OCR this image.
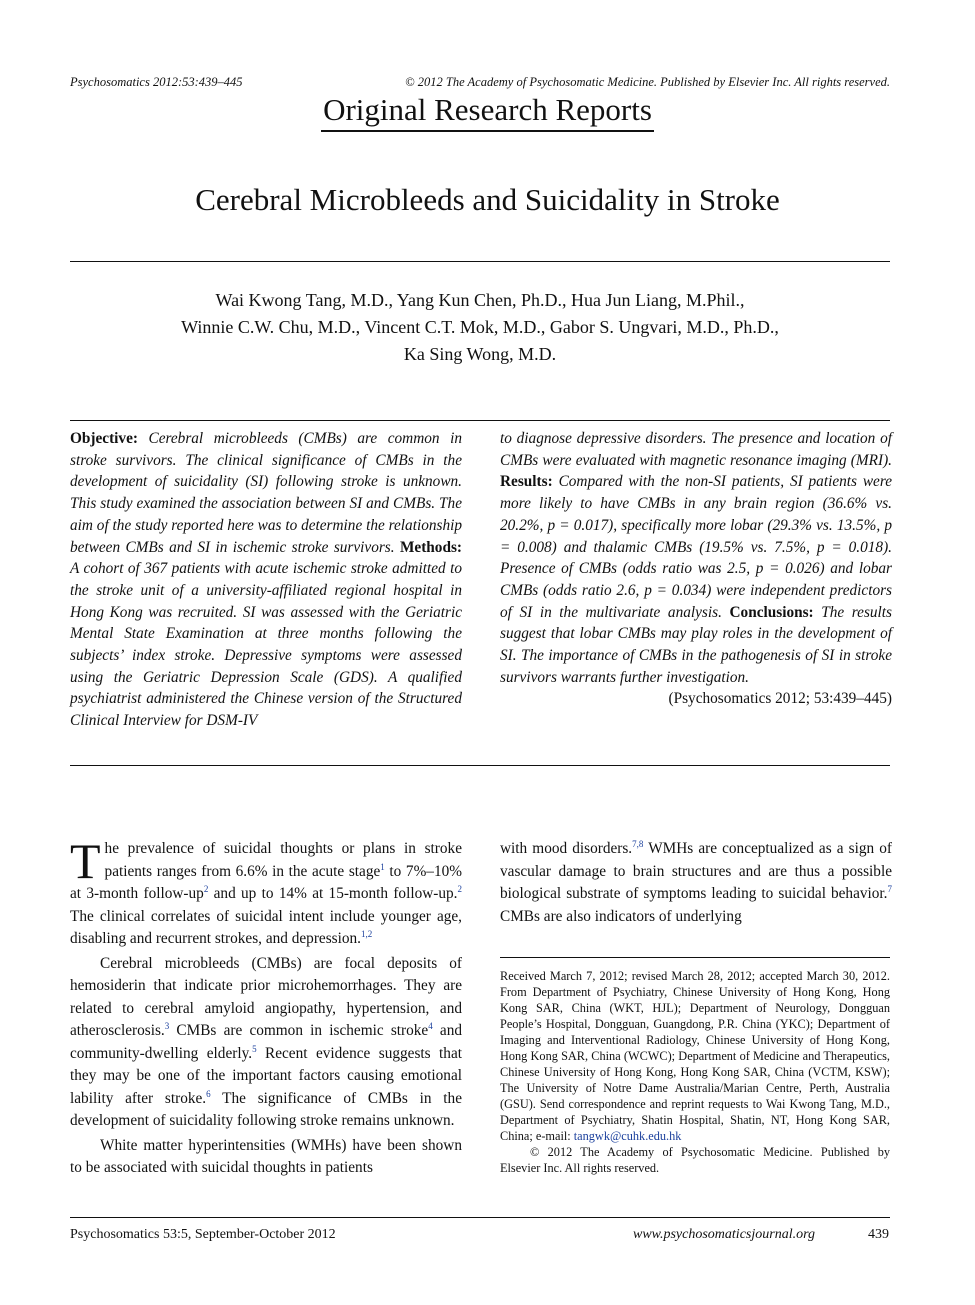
Psychosomatics 2012:53:439–445	© 2012 The Academy of Psychosomatic Medicine. Published by Elsevier Inc. All rights reserved.
Original Research Reports
Cerebral Microbleeds and Suicidality in Stroke
Wai Kwong Tang, M.D., Yang Kun Chen, Ph.D., Hua Jun Liang, M.Phil.,
Winnie C.W. Chu, M.D., Vincent C.T. Mok, M.D., Gabor S. Ungvari, M.D., Ph.D.,
Ka Sing Wong, M.D.
Objective: Cerebral microbleeds (CMBs) are common in stroke survivors. The clinical significance of CMBs in the development of suicidality (SI) following stroke is unknown. This study examined the association between SI and CMBs. The aim of the study reported here was to determine the relationship between CMBs and SI in ischemic stroke survivors. Methods: A cohort of 367 patients with acute ischemic stroke admitted to the stroke unit of a university-affiliated regional hospital in Hong Kong was recruited. SI was assessed with the Geriatric Mental State Examination at three months following the subjects’ index stroke. Depressive symptoms were assessed using the Geriatric Depression Scale (GDS). A qualified psychiatrist administered the Chinese version of the Structured Clinical Interview for DSM-IV
to diagnose depressive disorders. The presence and location of CMBs were evaluated with magnetic resonance imaging (MRI). Results: Compared with the non-SI patients, SI patients were more likely to have CMBs in any brain region (36.6% vs. 20.2%, p = 0.017), specifically more lobar (29.3% vs. 13.5%, p = 0.008) and thalamic CMBs (19.5% vs. 7.5%, p = 0.018). Presence of CMBs (odds ratio was 2.5, p = 0.026) and lobar CMBs (odds ratio 2.6, p = 0.034) were independent predictors of SI in the multivariate analysis. Conclusions: The results suggest that lobar CMBs may play roles in the development of SI. The importance of CMBs in the pathogenesis of SI in stroke survivors warrants further investigation.
(Psychosomatics 2012; 53:439–445)

The prevalence of suicidal thoughts or plans in stroke patients ranges from 6.6% in the acute stage$^1$ to 7%–10% at 3-month follow-$up^2$ and up to 14% at 15-month follow-up.$^2$ The clinical correlates of suicidal intent include younger age, disabling and recurrent strokes, and depression.$^{1,2}$

Cerebral microbleeds (CMBs) are focal deposits of hemosiderin that indicate prior microhemorrhages. They are related to cerebral amyloid angiopathy, hypertension, and atherosclerosis.$^3$ CMBs are common in ischemic stroke$^4$ and community-dwelling elderly.$^5$ Recent evidence suggests that they may be one of the important factors causing emotional lability after stroke.$^6$ The significance of CMBs in the development of suicidality following stroke remains unknown.

White matter hyperintensities (WMHs) have been shown to be associated with suicidal thoughts in patients

with mood disorders.$^{7,8}$ WMHs are conceptualized as a sign of vascular damage to brain structures and are thus a possible biological substrate of symptoms leading to suicidal behavior.$^7$ CMBs are also indicators of underlying

Received March 7, 2012; revised March 28, 2012; accepted March 30, 2012. From Department of Psychiatry, Chinese University of Hong Kong, Hong Kong SAR, China (WKT, HJL); Department of Neurology, Dongguan People’s Hospital, Dongguan, Guangdong, P.R. China (YKC); Department of Imaging and Interventional Radiology, Chinese University of Hong Kong, Hong Kong SAR, China (WCWC); Department of Medicine and Therapeutics, Chinese University of Hong Kong, Hong Kong SAR, China (VCTM, KSW); The University of Notre Dame Australia/Marian Centre, Perth, Australia (GSU). Send correspondence and reprint requests to Wai Kwong Tang, M.D., Department of Psychiatry, Shatin Hospital, Shatin, NT, Hong Kong SAR, China; e-mail: tangwk@cuhk.edu.hk
© 2012 The Academy of Psychosomatic Medicine. Published by Elsevier Inc. All rights reserved.
Psychosomatics 53:5, September-October 2012	www.psychosomaticsjournal.org	439
